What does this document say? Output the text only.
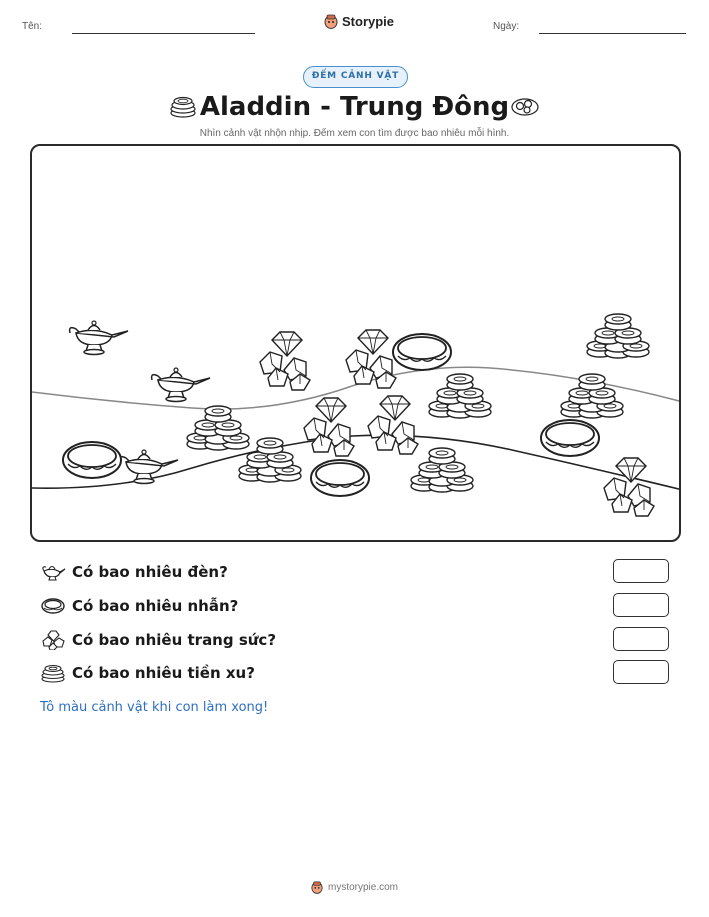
Tên:	Storypie	Ngày:
ĐẾM CẢNH VẬT
Aladdin - Trung Đông
Nhìn cảnh vật nhộn nhịp. Đếm xem con tìm được bao nhiêu mỗi hình.
Có bao nhiêu đèn?
Có bao nhiêu nhẫn?
Có bao nhiêu trang sức?
Có bao nhiêu tiền xu?
Tô màu cảnh vật khi con làm xong!
mystorypie.com
